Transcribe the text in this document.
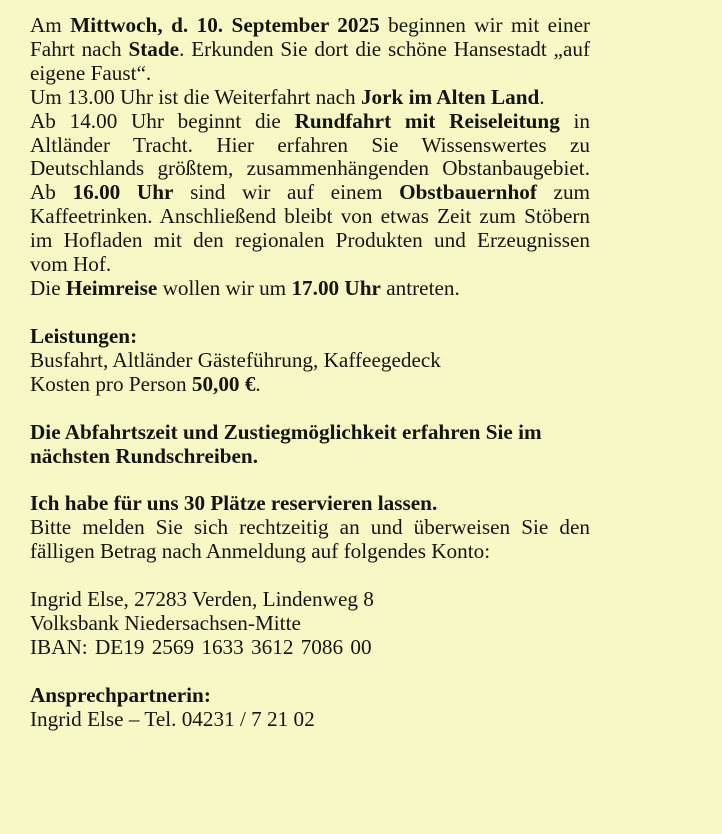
Am Mittwoch, d. 10. September 2025 beginnen wir mit einer Fahrt nach Stade. Erkunden Sie dort die schöne Hansestadt „auf eigene Faust“.

Um 13.00 Uhr ist die Weiterfahrt nach Jork im Alten Land.

Ab 14.00 Uhr beginnt die Rundfahrt mit Reiseleitung in Altländer Tracht. Hier erfahren Sie Wissenswertes zu Deutschlands größtem, zusammenhängenden Obstanbaugebiet. Ab 16.00 Uhr sind wir auf einem Obstbauernhof zum Kaffeetrinken. Anschließend bleibt von etwas Zeit zum Stöbern im Hofladen mit den regionalen Produkten und Erzeugnissen vom Hof.

Die Heimreise wollen wir um 17.00 Uhr antreten.

Leistungen:

Busfahrt, Altländer Gästeführung, Kaffeegedeck

Kosten pro Person 50,00 €.

Die Abfahrtszeit und Zustiegmöglichkeit erfahren Sie im

nächsten Rundschreiben.

Ich habe für uns 30 Plätze reservieren lassen.

Bitte melden Sie sich rechtzeitig an und überweisen Sie den fälligen Betrag nach Anmeldung auf folgendes Konto:

Ingrid Else, 27283 Verden, Lindenweg 8

Volksbank Niedersachsen-Mitte

IBAN: DE19 2569 1633 3612 7086 00

Ansprechpartnerin:

Ingrid Else – Tel. 04231 / 7 21 02
